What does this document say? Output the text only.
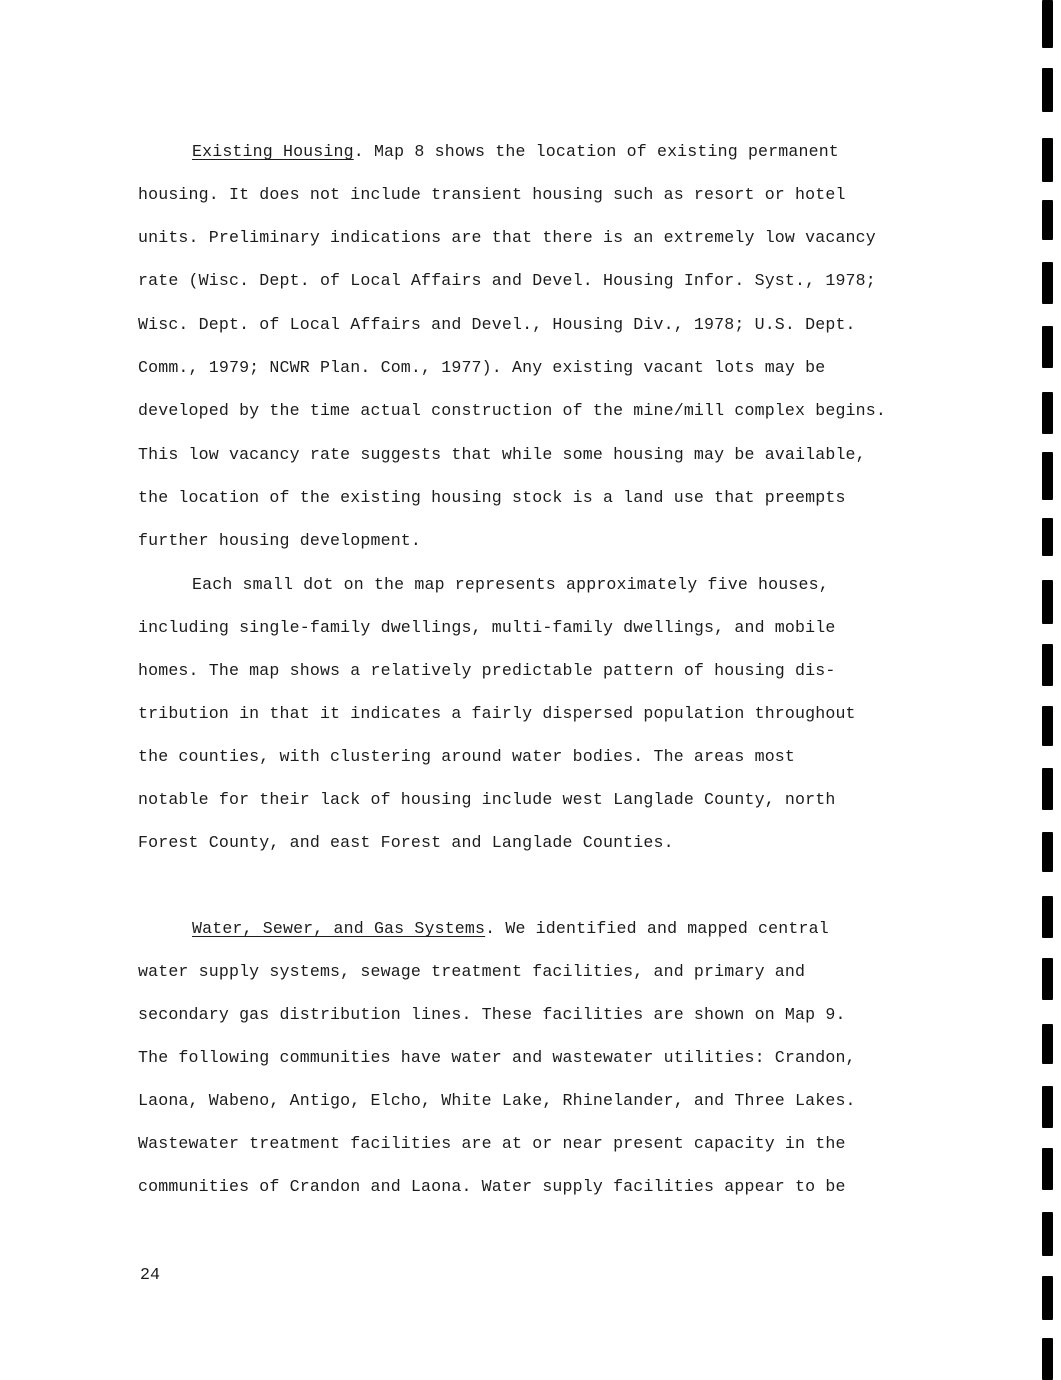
Existing Housing. Map 8 shows the location of existing permanent
housing. It does not include transient housing such as resort or hotel
units. Preliminary indications are that there is an extremely low vacancy
rate (Wisc. Dept. of Local Affairs and Devel. Housing Infor. Syst., 1978;
Wisc. Dept. of Local Affairs and Devel., Housing Div., 1978; U.S. Dept.
Comm., 1979; NCWR Plan. Com., 1977). Any existing vacant lots may be
developed by the time actual construction of the mine/mill complex begins.
This low vacancy rate suggests that while some housing may be available,
the location of the existing housing stock is a land use that preempts
further housing development.
Each small dot on the map represents approximately five houses,
including single-family dwellings, multi-family dwellings, and mobile
homes. The map shows a relatively predictable pattern of housing dis-
tribution in that it indicates a fairly dispersed population throughout
the counties, with clustering around water bodies. The areas most
notable for their lack of housing include west Langlade County, north
Forest County, and east Forest and Langlade Counties.
Water, Sewer, and Gas Systems. We identified and mapped central
water supply systems, sewage treatment facilities, and primary and
secondary gas distribution lines. These facilities are shown on Map 9.
The following communities have water and wastewater utilities: Crandon,
Laona, Wabeno, Antigo, Elcho, White Lake, Rhinelander, and Three Lakes.
Wastewater treatment facilities are at or near present capacity in the
communities of Crandon and Laona. Water supply facilities appear to be
24
